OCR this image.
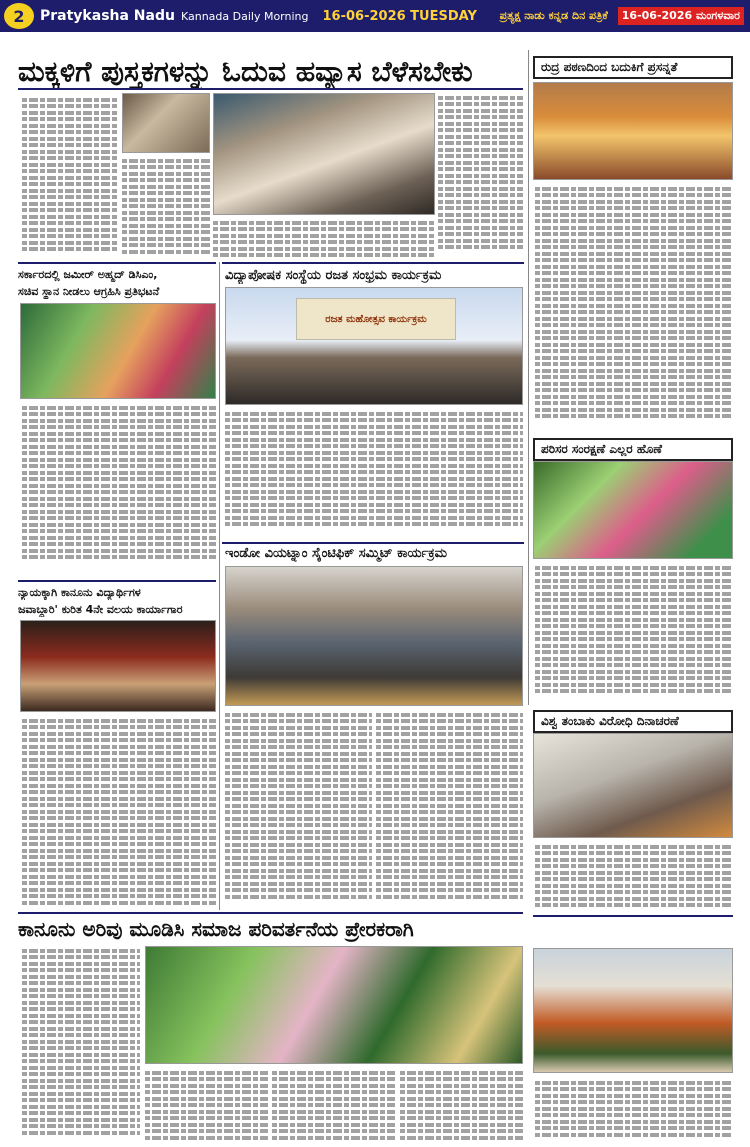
2	Pratykasha Nadu Kannada Daily Morning 16-06-2026 TUESDAY ಪ್ರತ್ಯಕ್ಷ ನಾಡು ಕನ್ನಡ ದಿನ ಪತ್ರಿಕೆ	16-06-2026 ಮಂಗಳವಾರ
ಮಕ್ಕಳಿಗೆ ಪುಸ್ತಕಗಳನ್ನು ಓದುವ ಹವ್ಯಾಸ ಬೆಳೆಸಬೇಕು	ರುದ್ರ ಪಠಣದಿಂದ ಬದುಕಿಗೆ ಪ್ರಸನ್ನತೆ
ಸರ್ಕಾರದಲ್ಲಿ ಜಮೀರ್ ಅಹ್ಮದ್ ಡಿಸಿಎಂ,
ಸಚಿವ ಸ್ಥಾನ ನೀಡಲು ಆಗ್ರಹಿಸಿ ಪ್ರತಿಭಟನೆ
ವಿದ್ಯಾಪೋಷಕ ಸಂಸ್ಥೆಯ ರಜತ ಸಂಭ್ರಮ ಕಾರ್ಯಕ್ರಮ
ರಜತ ಮಹೋತ್ಸವ ಕಾರ್ಯಕ್ರಮ
ಪರಿಸರ ಸಂರಕ್ಷಣೆ ಎಲ್ಲರ ಹೊಣೆ
ಇಂಡೋ ವಿಯಟ್ನಾಂ ಸೈಂಟಿಫಿಕ್ ಸಮ್ಮಿಟ್ ಕಾರ್ಯಕ್ರಮ
ನ್ಯಾಯಕ್ಕಾಗಿ ಕಾನೂನು ವಿದ್ಯಾರ್ಥಿಗಳ
ಜವಾಬ್ದಾರಿ' ಕುರಿತ 4ನೇ ವಲಯ ಕಾರ್ಯಾಗಾರ
ವಿಶ್ವ ತಂಬಾಕು ವಿರೋಧಿ ದಿನಾಚರಣೆ
ಕಾನೂನು ಅರಿವು ಮೂಡಿಸಿ ಸಮಾಜ ಪರಿವರ್ತನೆಯ ಪ್ರೇರಕರಾಗಿ
